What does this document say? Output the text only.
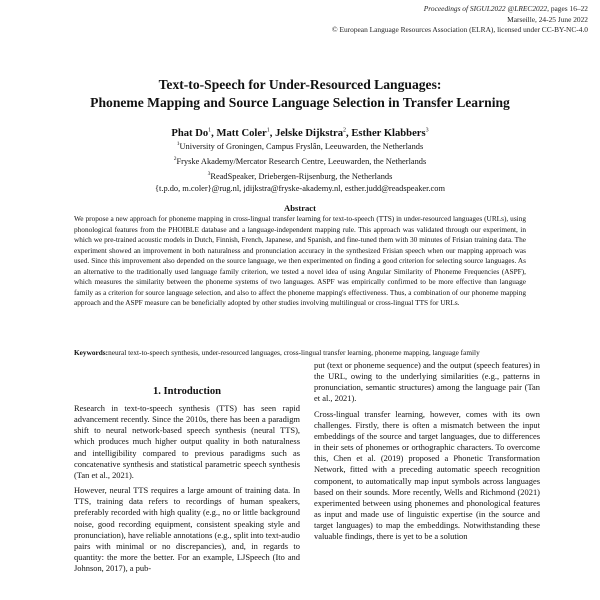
Proceedings of SIGUL2022 @LREC2022, pages 16–22
Marseille, 24-25 June 2022
© European Language Resources Association (ELRA), licensed under CC-BY-NC-4.0
Text-to-Speech for Under-Resourced Languages:
Phoneme Mapping and Source Language Selection in Transfer Learning
Phat Do$^1$, Matt Coler$^1$, Jelske Dijkstra$^2$, Esther Klabbers$^3$
$^1$University of Groningen, Campus Fryslân, Leeuwarden, the Netherlands
$^2$Fryske Akademy/Mercator Research Centre, Leeuwarden, the Netherlands
$^3$ReadSpeaker, Driebergen-Rijsenburg, the Netherlands
{t.p.do, m.coler}@rug.nl, jdijkstra@fryske-akademy.nl, esther.judd@readspeaker.com
Abstract
We propose a new approach for phoneme mapping in cross-lingual transfer learning for text-to-speech (TTS) in under-resourced languages (URLs), using phonological features from the PHOIBLE database and a language-independent mapping rule. This approach was validated through our experiment, in which we pre-trained acoustic models in Dutch, Finnish, French, Japanese, and Spanish, and fine-tuned them with 30 minutes of Frisian training data. The experiment showed an improvement in both naturalness and pronunciation accuracy in the synthesized Frisian speech when our mapping approach was used. Since this improvement also depended on the source language, we then experimented on finding a good criterion for selecting source languages. As an alternative to the traditionally used language family criterion, we tested a novel idea of using Angular Similarity of Phoneme Frequencies (ASPF), which measures the similarity between the phoneme systems of two languages. ASPF was empirically confirmed to be more effective than language family as a criterion for source language selection, and also to affect the phoneme mapping's effectiveness. Thus, a combination of our phoneme mapping approach and the ASPF measure can be beneficially adopted by other studies involving multilingual or cross-lingual TTS for URLs.
Keywords:neural text-to-speech synthesis, under-resourced languages, cross-lingual transfer learning, phoneme mapping, language family
1. Introduction

Research in text-to-speech synthesis (TTS) has seen rapid advancement recently. Since the 2010s, there has been a paradigm shift to neural network-based speech synthesis (neural TTS), which produces much higher output quality in both naturalness and intelligibility compared to previous paradigms such as concatenative synthesis and statistical parametric speech synthesis (Tan et al., 2021).

However, neural TTS requires a large amount of training data. In TTS, training data refers to recordings of human speakers, preferably recorded with high quality (e.g., no or little background noise, good recording equipment, consistent speaking style and pronunciation), have reliable annotations (e.g., split into text-audio pairs with minimal or no discrepancies), and, in regards to quantity: the more the better. For an example, LJSpeech (Ito and Johnson, 2017), a pub-

put (text or phoneme sequence) and the output (speech features) in the URL, owing to the underlying similarities (e.g., patterns in pronunciation, semantic structures) among the language pair (Tan et al., 2021).

Cross-lingual transfer learning, however, comes with its own challenges. Firstly, there is often a mismatch between the input embeddings of the source and target languages, due to differences in their sets of phonemes or orthographic characters. To overcome this, Chen et al. (2019) proposed a Phonetic Transformation Network, fitted with a preceding automatic speech recognition component, to automatically map input symbols across languages based on their sounds. More recently, Wells and Richmond (2021) experimented between using phonemes and phonological features as input and made use of linguistic expertise (in the source and target languages) to map the embeddings. Notwithstanding these valuable findings, there is yet to be a solution
